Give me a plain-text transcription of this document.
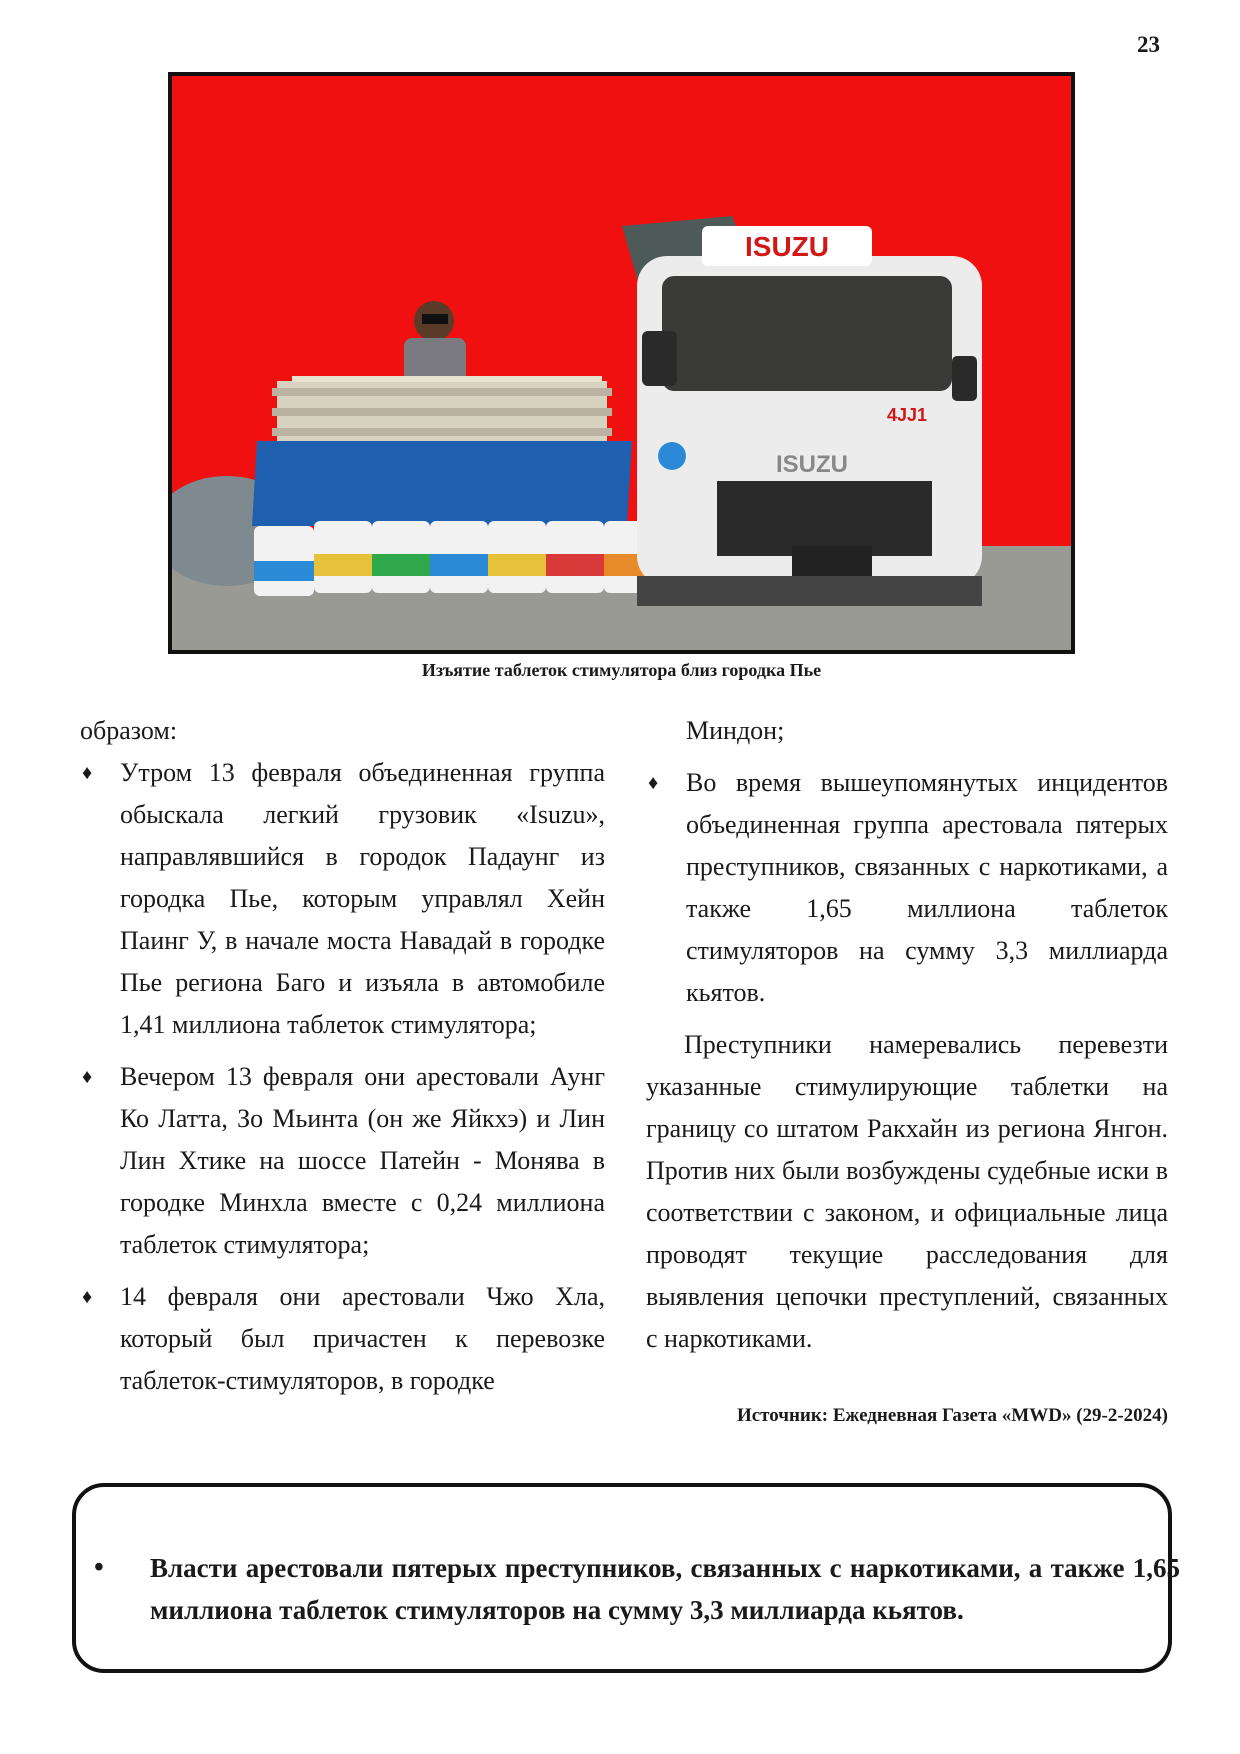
23
ISUZU
ISUZU
4JJ1
Изъятие таблеток стимулятора близ городка Пье

образом:

♦ Утром 13 февраля объединенная группа обыскала легкий грузовик «Isuzu», направлявшийся в городок Падаунг из городка Пье, которым управлял Хейн Паинг У, в начале моста Навадай в городке Пье региона Баго и изъяла в автомобиле 1,41 миллиона таблеток стимулятора;
♦ Вечером 13 февраля они арестовали Аунг Ко Латта, Зо Мьинта (он же Яйкхэ) и Лин Лин Хтике на шоссе Патейн - Монява в городке Минхла вместе с 0,24 миллиона таблеток стимулятора;
♦ 14 февраля они арестовали Чжо Хла, который был причастен к перевозке таблеток-стимуляторов, в городке

Миндон;

♦ Во время вышеупомянутых инцидентов объединенная группа арестовала пятерых преступников, связанных с наркотиками, а также 1,65 миллиона таблеток стимуляторов на сумму 3,3 миллиарда кьятов.

Преступники намеревались перевезти указанные стимулирующие таблетки на границу со штатом Ракхайн из региона Янгон. Против них были возбуждены судебные иски в соответствии с законом, и официальные лица проводят текущие расследования для выявления цепочки преступлений, связанных с наркотиками.

Источник: Ежедневная Газета «MWD» (29-2-2024)
• Власти арестовали пятерых преступников, связанных с наркотиками, а также 1,65 миллиона таблеток стимуляторов на сумму 3,3 миллиарда кьятов.
